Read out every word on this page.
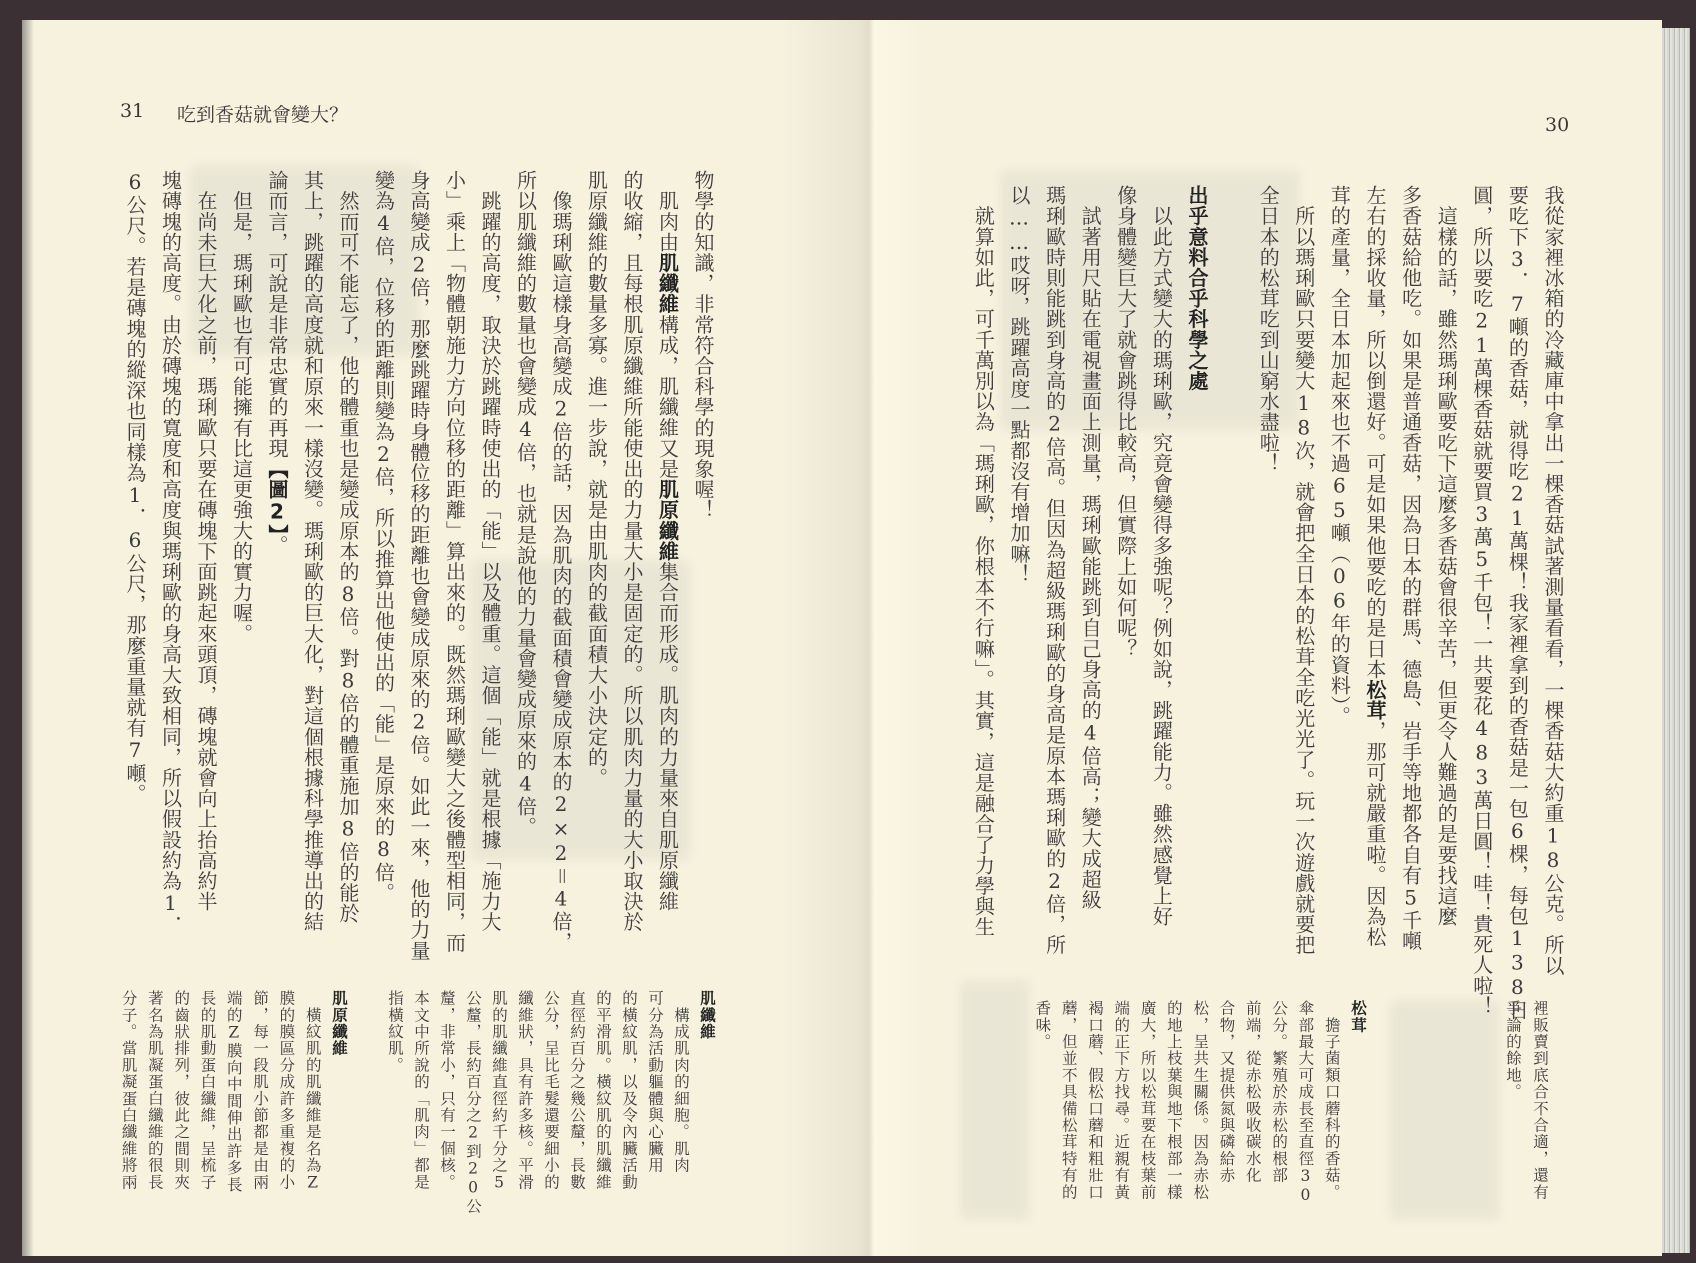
31 吃到香菇就會變大？	30
物學的知識，非常符合科學的現象喔！
　肌肉由肌纖維構成，肌纖維又是肌原纖維集合而形成。肌肉的力量來自肌原纖維
的收縮，且每根肌原纖維所能使出的力量大小是固定的。所以肌肉力量的大小取決於
肌原纖維的數量多寡。進一步說，就是由肌肉的截面積大小決定的。
　像瑪琍歐這樣身高變成2倍的話，因為肌肉的截面積會變成原本的2×2＝4倍，
所以肌纖維的數量也會變成4倍，也就是說他的力量會變成原來的4倍。
　跳躍的高度，取決於跳躍時使出的「能」以及體重。這個「能」就是根據「施力大
小」乘上「物體朝施力方向位移的距離」算出來的。既然瑪琍歐變大之後體型相同，而
身高變成2倍，那麼跳躍時身體位移的距離也會變成原來的2倍。如此一來，他的力量
變為4倍，位移的距離則變為2倍，所以推算出他使出的「能」是原來的8倍。
　然而可不能忘了，他的體重也是變成原本的8倍。對8倍的體重施加8倍的能於
其上，跳躍的高度就和原來一樣沒變。瑪琍歐的巨大化，對這個根據科學推導出的結
論而言，可說是非常忠實的再現【圖2】。
　但是，瑪琍歐也有可能擁有比這更強大的實力喔。
　在尚未巨大化之前，瑪琍歐只要在磚塊下面跳起來頭頂，磚塊就會向上抬高約半
塊磚塊的高度。由於磚塊的寬度和高度與瑪琍歐的身高大致相同，所以假設約為1．
6公尺。若是磚塊的縱深也同樣為1．6公尺，那麼重量就有7噸。	我從家裡冰箱的冷藏庫中拿出一棵香菇試著測量看看，一棵香菇大約重18公克。所以
要吃下3．7噸的香菇，就得吃21萬棵！我家裡拿到的香菇是一包6棵，每包138日
圓，所以要吃21萬棵香菇就要買3萬5千包！一共要花483萬日圓！哇！貴死人啦！
　這樣的話，雖然瑪琍歐要吃下這麼多香菇會很辛苦，但更令人難過的是要找這麼
多香菇給他吃。如果是普通香菇，因為日本的群馬、德島、岩手等地都各自有5千噸
左右的採收量，所以倒還好。可是如果他要吃的是日本松茸，那可就嚴重啦。因為松
茸的產量，全日本加起來也不過65噸（06年的資料）。
　所以瑪琍歐只要變大18次，就會把全日本的松茸全吃光光了。玩一次遊戲就要把
全日本的松茸吃到山窮水盡啦！
出乎意料合乎科學之處
　以此方式變大的瑪琍歐，究竟會變得多強呢？例如說，跳躍能力。雖然感覺上好
像身體變巨大了就會跳得比較高，但實際上如何呢？
　試著用尺貼在電視畫面上測量，瑪琍歐能跳到自己身高的4倍高；變大成超級
瑪琍歐時則能跳到身高的2倍高。但因為超級瑪琍歐的身高是原本瑪琍歐的2倍，所
以……哎呀，跳躍高度一點都沒有增加嘛！
　就算如此，可千萬別以為「瑪琍歐，你根本不行嘛」。其實，這是融合了力學與生
肌纖維
　構成肌肉的細胞。肌肉
可分為活動軀體與心臟用
的橫紋肌，以及令內臟活動
的平滑肌。橫紋肌的肌纖維
直徑約百分之幾公釐，長數
公分，呈比毛髮還要細小的
纖維狀，具有許多核。平滑
肌的肌纖維直徑約千分之5
公釐，長約百分之2到20公
釐，非常小，只有一個核。
本文中所說的「肌肉」都是
指橫紋肌。
肌原纖維
　橫紋肌的肌纖維是名為Z
膜的膜區分成許多重複的小
節，每一段肌小節都是由兩
端的Z膜向中間伸出許多長
長的肌動蛋白纖維，呈梳子
的齒狀排列，彼此之間則夾
著名為肌凝蛋白纖維的很長
分子。當肌凝蛋白纖維將兩	裡販賣到底合不合適，還有
爭論的餘地。
松茸
　擔子菌類口蘑科的香菇。
傘部最大可成長至直徑30
公分。繁殖於赤松的根部
前端，從赤松吸收碳水化
合物，又提供氮與磷給赤
松，呈共生關係。因為赤松
的地上枝葉與地下根部一樣
廣大，所以松茸要在枝葉前
端的正下方找尋。近親有黃
褐口蘑、假松口蘑和粗壯口
蘑，但並不具備松茸特有的
香味。
